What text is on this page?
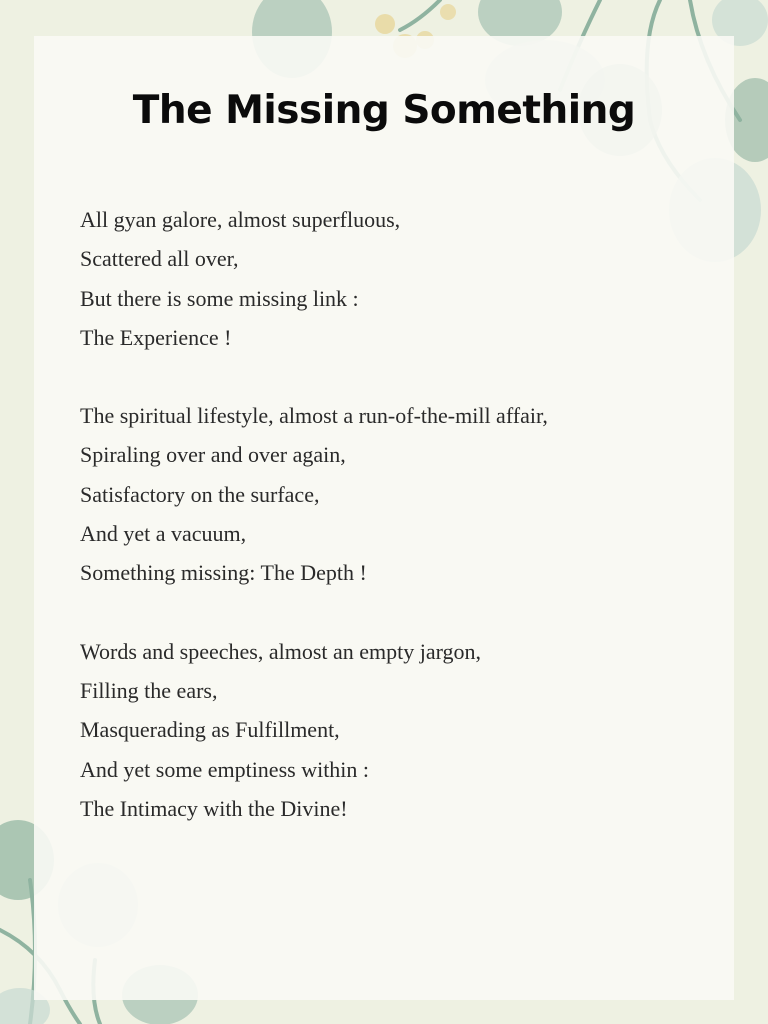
The Missing Something
All gyan galore, almost superfluous,
Scattered all over,
But there is some missing link :
The Experience !
The spiritual lifestyle, almost a run-of-the-mill affair,
Spiraling over and over again,
Satisfactory on the surface,
And yet a vacuum,
Something missing: The Depth !
Words and speeches, almost an empty jargon,
Filling the ears,
Masquerading as Fulfillment,
And yet some emptiness within :
The Intimacy with the Divine!
